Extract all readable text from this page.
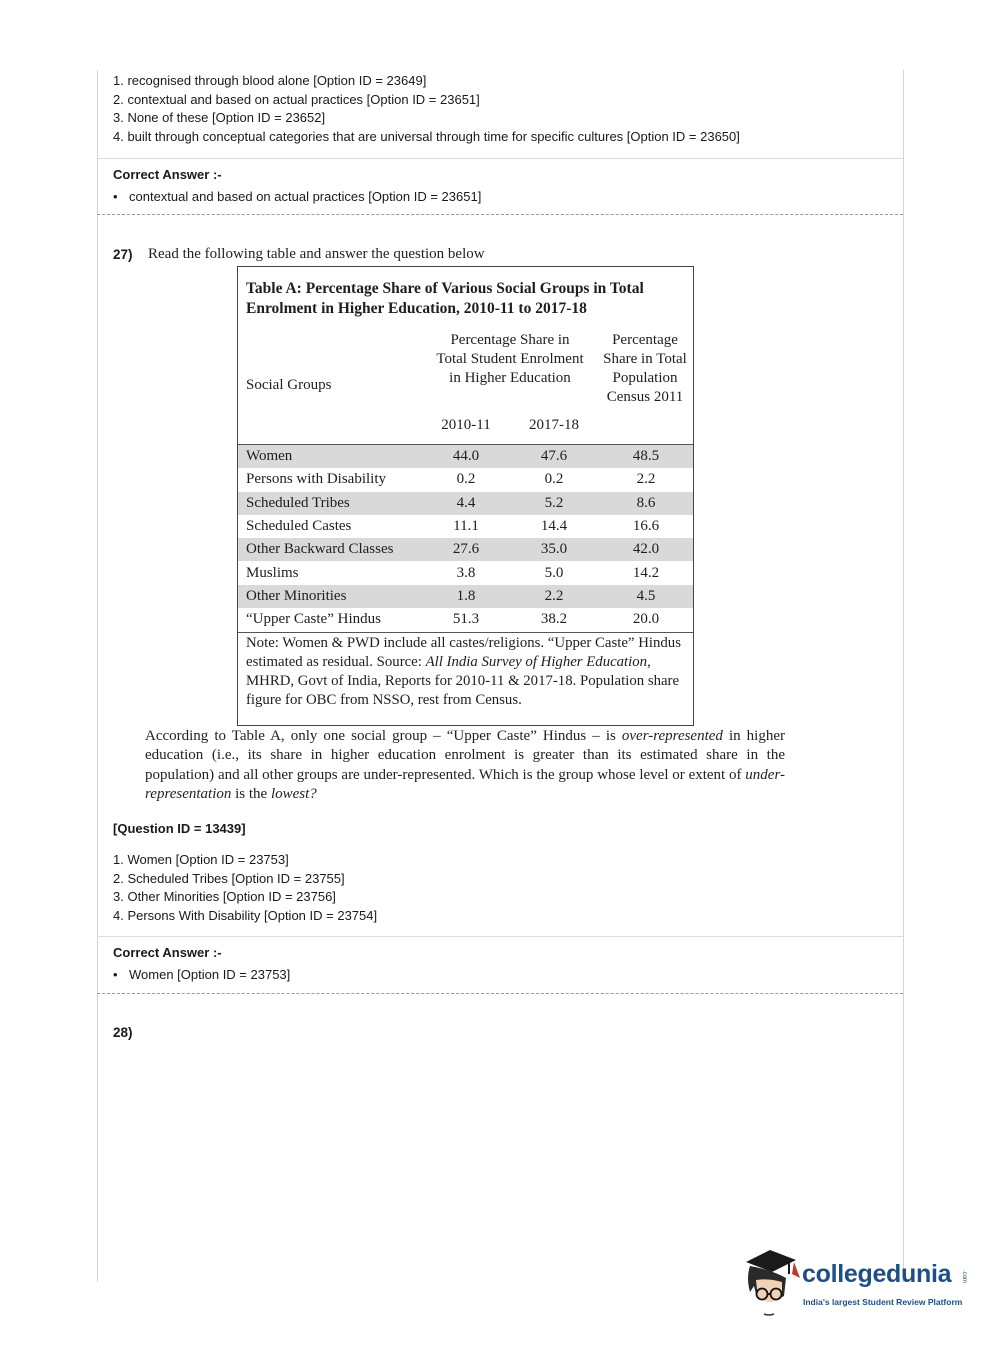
1. recognised through blood alone [Option ID = 23649]
2. contextual and based on actual practices [Option ID = 23651]
3. None of these [Option ID = 23652]
4. built through conceptual categories that are universal through time for specific cultures [Option ID = 23650]
Correct Answer :-
• contextual and based on actual practices [Option ID = 23651]
27) Read the following table and answer the question below
Table A: Percentage Share of Various Social Groups in Total Enrolment in Higher Education, 2010-11 to 2017-18
Social Groups
Percentage Share in Total Student Enrolment in Higher Education
Percentage Share in Total Population Census 2011
2010-11	2017-18
Women	44.0	47.6	48.5
Persons with Disability	0.2	0.2	2.2
Scheduled Tribes	4.4	5.2	8.6
Scheduled Castes	11.1	14.4	16.6
Other Backward Classes	27.6	35.0	42.0
Muslims	3.8	5.0	14.2
Other Minorities	1.8	2.2	4.5
“Upper Caste” Hindus	51.3	38.2	20.0
Note: Women & PWD include all castes/religions. “Upper Caste” Hindus estimated as residual. Source: All India Survey of Higher Education, MHRD, Govt of India, Reports for 2010-11 & 2017-18. Population share figure for OBC from NSSO, rest from Census.
According to Table A, only one social group – “Upper Caste” Hindus – is over-represented in higher education (i.e., its share in higher education enrolment is greater than its estimated share in the population) and all other groups are under-represented. Which is the group whose level or extent of under-representation is the lowest?
[Question ID = 13439]
1. Women [Option ID = 23753]
2. Scheduled Tribes [Option ID = 23755]
3. Other Minorities [Option ID = 23756]
4. Persons With Disability [Option ID = 23754]
Correct Answer :-
• Women [Option ID = 23753]
28)
collegedunia .com
India's largest Student Review Platform
